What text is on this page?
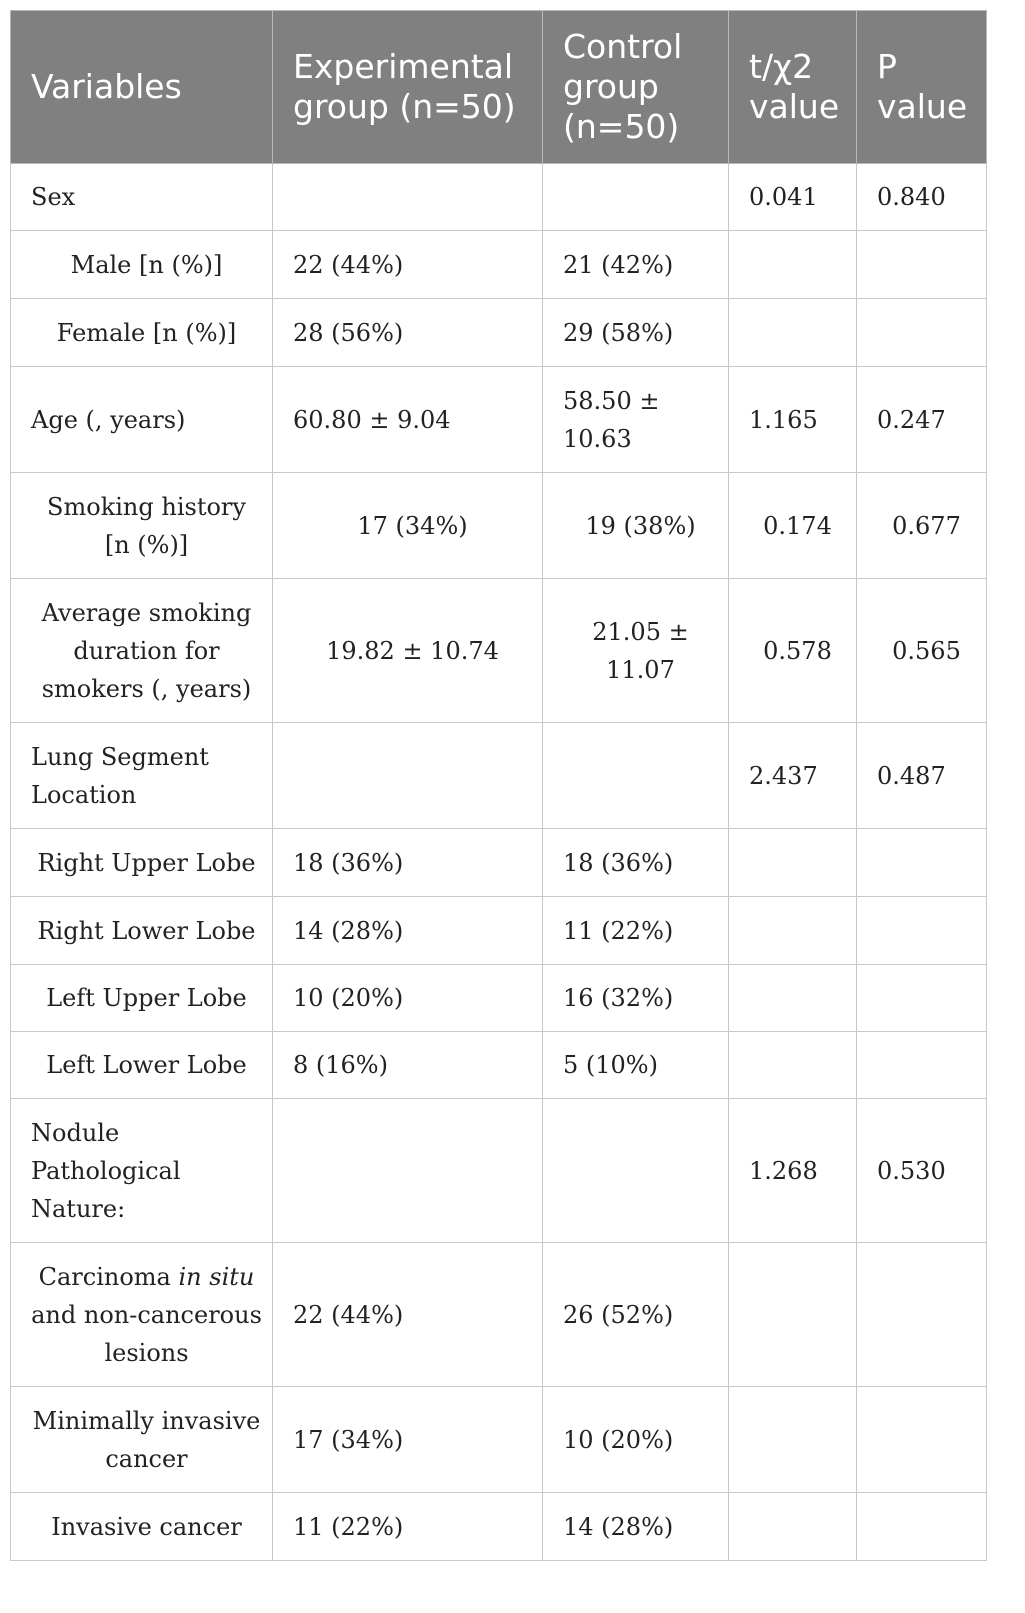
Variables	Experimental group (n=50)	Control group (n=50)	t/χ2 value	P value
Sex			0.041	0.840
Male [n (%)]	22 (44%)	21 (42%)		
Female [n (%)]	28 (56%)	29 (58%)		
Age (, years)	60.80 ± 9.04	58.50 ± 10.63	1.165	0.247
Smoking history [n (%)]	17 (34%)	19 (38%)	0.174	0.677
Average smoking duration for smokers (, years)	19.82 ± 10.74	21.05 ± 11.07	0.578	0.565
Lung Segment Location			2.437	0.487
Right Upper Lobe	18 (36%)	18 (36%)		
Right Lower Lobe	14 (28%)	11 (22%)		
Left Upper Lobe	10 (20%)	16 (32%)		
Left Lower Lobe	8 (16%)	5 (10%)		
Nodule Pathological Nature:			1.268	0.530
Carcinoma in situ and non-cancerous lesions	22 (44%)	26 (52%)		
Minimally invasive cancer	17 (34%)	10 (20%)		
Invasive cancer	11 (22%)	14 (28%)		
